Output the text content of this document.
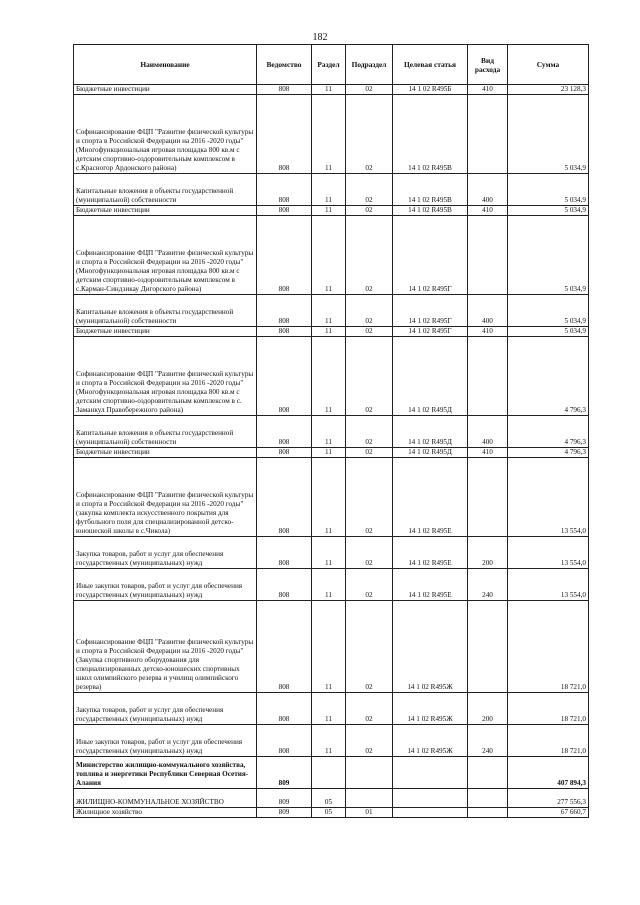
182
Наименование	Ведомство	Раздел	Подраздел	Целевая статья	Вид расхода	Сумма
Бюджетные инвестиции	808	11	02	14 1 02 R495Б	410	23 128,3
Софинансирование ФЦП "Развитие физической культуры и спорта в Российской Федерации на 2016 -2020 годы" (Многофункциональная игровая площадка 800 кв.м с детским спортивно-оздоровительным комплексом в с.Красногор Ардонского района)	808	11	02	14 1 02 R495В		5 034,9
Капитальные вложения в объекты государственной (муниципальной) собственности	808	11	02	14 1 02 R495В	400	5 034,9
Бюджетные инвестиции	808	11	02	14 1 02 R495В	410	5 034,9
Софинансирование ФЦП "Развитие физической культуры и спорта в Российской Федерации на 2016 -2020 годы" (Многофункциональная игровая площадка 800 кв.м с детским спортивно-оздоровительным комплексом в с.Карман-Синдзикау Дигорского района)	808	11	02	14 1 02 R495Г		5 034,9
Капитальные вложения в объекты государственной (муниципальной) собственности	808	11	02	14 1 02 R495Г	400	5 034,9
Бюджетные инвестиции	808	11	02	14 1 02 R495Г	410	5 034,9
Софинансирование ФЦП "Развитие физической культуры и спорта в Российской Федерации на 2016 -2020 годы" (Многофункциональная игровая площадка 800 кв.м с детским спортивно-оздоровительным комплексом в с. Заманкул Правобережного района)	808	11	02	14 1 02 R495Д		4 796,3
Капитальные вложения в объекты государственной (муниципальной) собственности	808	11	02	14 1 02 R495Д	400	4 796,3
Бюджетные инвестиции	808	11	02	14 1 02 R495Д	410	4 796,3
Софинансирование ФЦП "Развитие физической культуры и спорта в Российской Федерации на 2016 -2020 годы" (закупка комплекта искусственного покрытия для футбольного поля для специализированной детско-юношеской школы в с.Чикола)	808	11	02	14 1 02 R495Е		13 554,0
Закупка товаров, работ и услуг для обеспечения государственных (муниципальных) нужд	808	11	02	14 1 02 R495Е	200	13 554,0
Иные закупки товаров, работ и услуг для обеспечения государственных (муниципальных) нужд	808	11	02	14 1 02 R495Е	240	13 554,0
Софинансирование ФЦП "Развитие физической культуры и спорта в Российской Федерации на 2016 -2020 годы" (Закупка спортивного оборудования для специализированных детско-юношеских спортивных школ олимпийского резерва и училищ олимпийского резерва)	808	11	02	14 1 02 R495Ж		18 721,0
Закупка товаров, работ и услуг для обеспечения государственных (муниципальных) нужд	808	11	02	14 1 02 R495Ж	200	18 721,0
Иные закупки товаров, работ и услуг для обеспечения государственных (муниципальных) нужд	808	11	02	14 1 02 R495Ж	240	18 721,0
Министерство жилищно-коммунального хозяйства, топлива и энергетики Республики Северная Осетия-Алания	809					407 894,3
ЖИЛИЩНО-КОММУНАЛЬНОЕ ХОЗЯЙСТВО	809	05				277 556,3
Жилищное хозяйство	809	05	01			67 660,7
